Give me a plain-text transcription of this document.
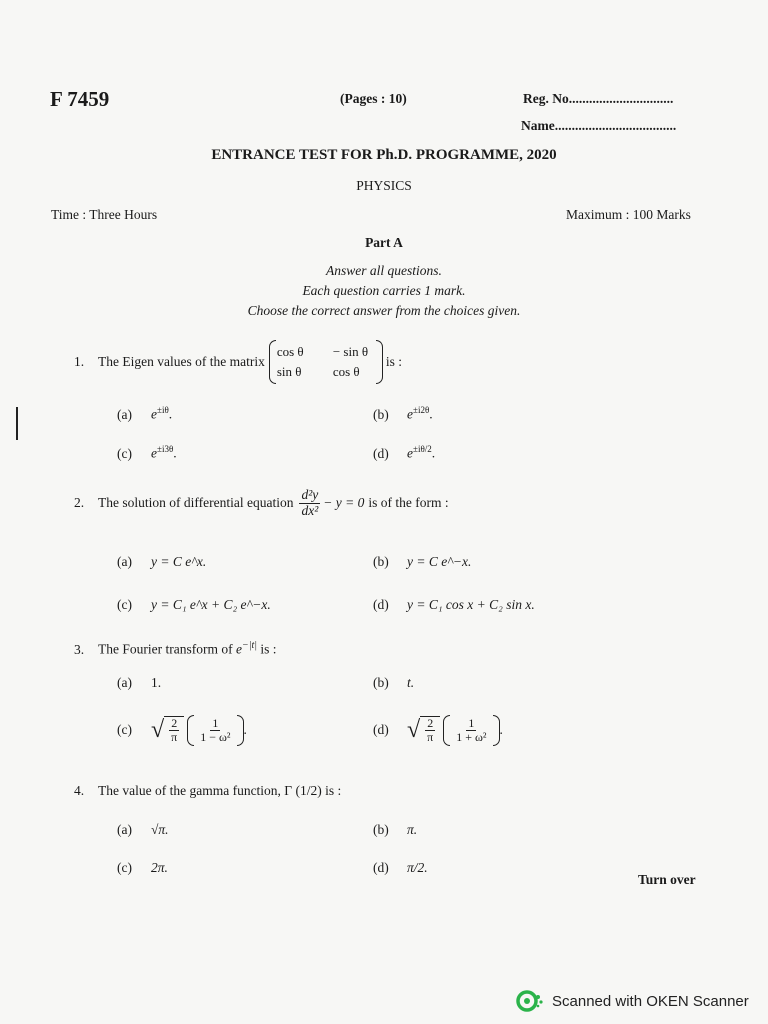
F 7459	(Pages : 10)	Reg. No...............................
Name....................................
ENTRANCE TEST FOR Ph.D. PROGRAMME, 2020
PHYSICS
Time : Three Hours	Maximum : 100 Marks
Part A
Answer all questions.
Each question carries 1 mark.
Choose the correct answer from the choices given.
1.	The Eigen values of the matrix
cos θ	− sin θ
sin θ	cos θ
is :
(a) $e^{\pm i\theta}$.	(b) $e^{\pm i2\theta}$.
(c) $e^{\pm i3\theta}$.	(d) $e^{\pm i\theta/2}$.
2.	The solution of differential equation $\frac{\text{d²y}}{\text{dx²}} - y = 0$ is of the form :
(a) y = C e^x.	(b) y = C e^−x.
(c) y = C₁ e^x + C₂ e^−x.	(d) y = C₁ cos x + C₂ sin x.
3. The Fourier transform of $e^{-|t|}$ is :
(a) 1.	(b) t.
(c) √ $\frac{2}{\pi} \frac{1}{\text{1 − ω²}}$ .	(d) √ $\frac{2}{\pi} \frac{1}{\text{1 + ω²}}$ .
4. The value of the gamma function, Γ (1/2) is :
(a) √π.	(b) π.
(c) 2π.	(d) π/2.
Turn over
Scanned with OKEN Scanner
